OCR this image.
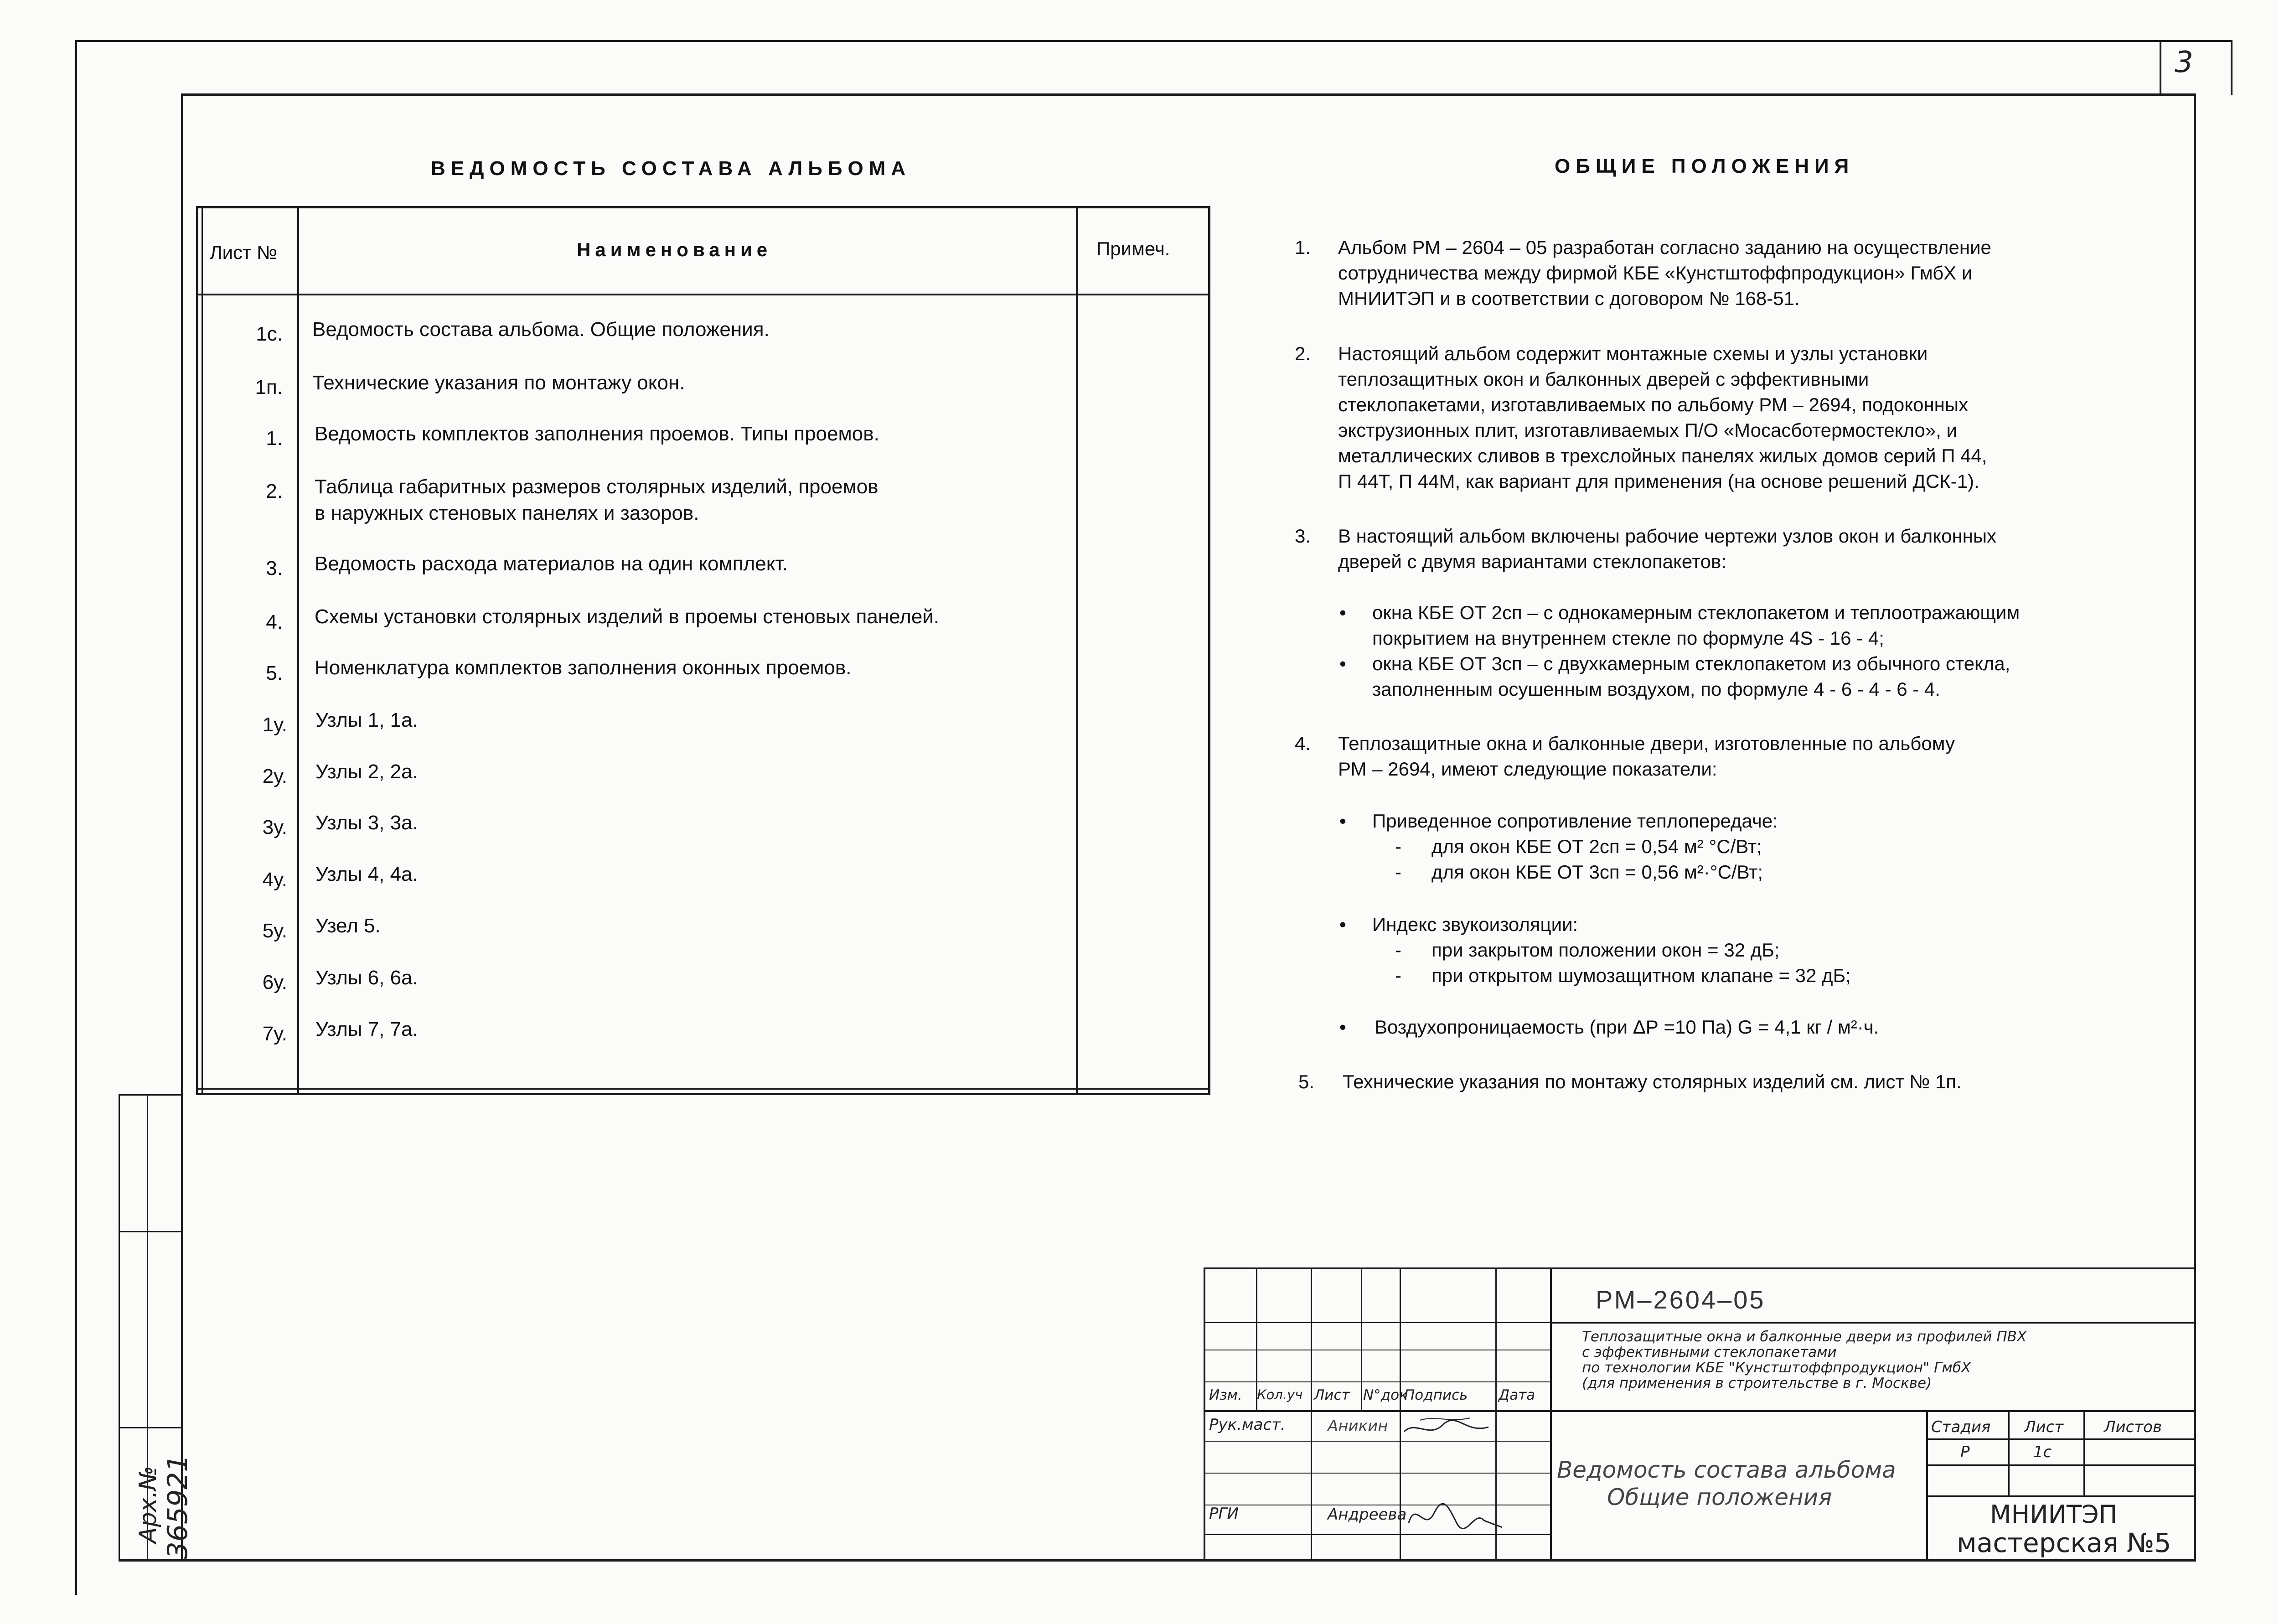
3
Арх.№ 365921
ВЕДОМОСТЬ СОСТАВА АЛЬБОМА
Лист №	Наименование	Примеч.
1с. Ведомость состава альбома. Общие положения.
1п. Технические указания по монтажу окон.
1. Ведомость комплектов заполнения проемов. Типы проемов.
2. Таблица габаритных размеров столярных изделий, проемов
в наружных стеновых панелях и зазоров.
3. Ведомость расхода материалов на один комплект.
4. Схемы установки столярных изделий в проемы стеновых панелей.
5. Номенклатура комплектов заполнения оконных проемов.
1у. Узлы 1, 1а.
2у. Узлы 2, 2а.
3у. Узлы 3, 3а.
4у. Узлы 4, 4а.
5у. Узел 5.
6у. Узлы 6, 6а.
7у. Узлы 7, 7а.
ОБЩИЕ ПОЛОЖЕНИЯ
1.	Альбом РМ – 2604 – 05 разработан согласно заданию на осуществление
сотрудничества между фирмой КБЕ «Кунстштоффпродукцион» ГмбХ и
МНИИТЭП и в соответствии с договором № 168-51.
2.	Настоящий альбом содержит монтажные схемы и узлы установки
теплозащитных окон и балконных дверей с эффективными
стеклопакетами, изготавливаемых по альбому РМ – 2694, подоконных
экструзионных плит, изготавливаемых П/О «Мосасботермостекло», и
металлических сливов в трехслойных панелях жилых домов серий П 44,
П 44Т, П 44М, как вариант для применения (на основе решений ДСК-1).
3.	В настоящий альбом включены рабочие чертежи узлов окон и балконных
дверей с двумя вариантами стеклопакетов:
• окна КБЕ ОТ 2сп – с однокамерным стеклопакетом и теплоотражающим
покрытием на внутреннем стекле по формуле 4S - 16 - 4;
• окна КБЕ ОТ 3сп – с двухкамерным стеклопакетом из обычного стекла,
заполненным осушенным воздухом, по формуле 4 - 6 - 4 - 6 - 4.
4.	Теплозащитные окна и балконные двери, изготовленные по альбому
РМ – 2694, имеют следующие показатели:
• Приведенное сопротивление теплопередаче:
- для окон КБЕ ОТ 2сп = 0,54 м² °С/Вт;
- для окон КБЕ ОТ 3сп = 0,56 м²·°С/Вт;
• Индекс звукоизоляции:
- при закрытом положении окон = 32 дБ;
- при открытом шумозащитном клапане = 32 дБ;
• Воздухопроницаемость (при ΔР =10 Па) G = 4,1 кг / м²·ч.
5.	Технические указания по монтажу столярных изделий см. лист № 1п.
РМ–2604–05
Теплозащитные окна и балконные двери из профилей ПВХ
с эффективными стеклопакетами
по технологии КБЕ "Кунстштоффпродукцион" ГмбХ
(для применения в строительстве в г. Москве)
Изм. Кол.уч Лист N°док
Подпись Дата
Рук.маст.	Аникин
РГИ	Андреева
Ведомость состава альбома
Общие положения
Стадия Лист	Листов
Р	1с
МНИИТЭП
мастерская №5
